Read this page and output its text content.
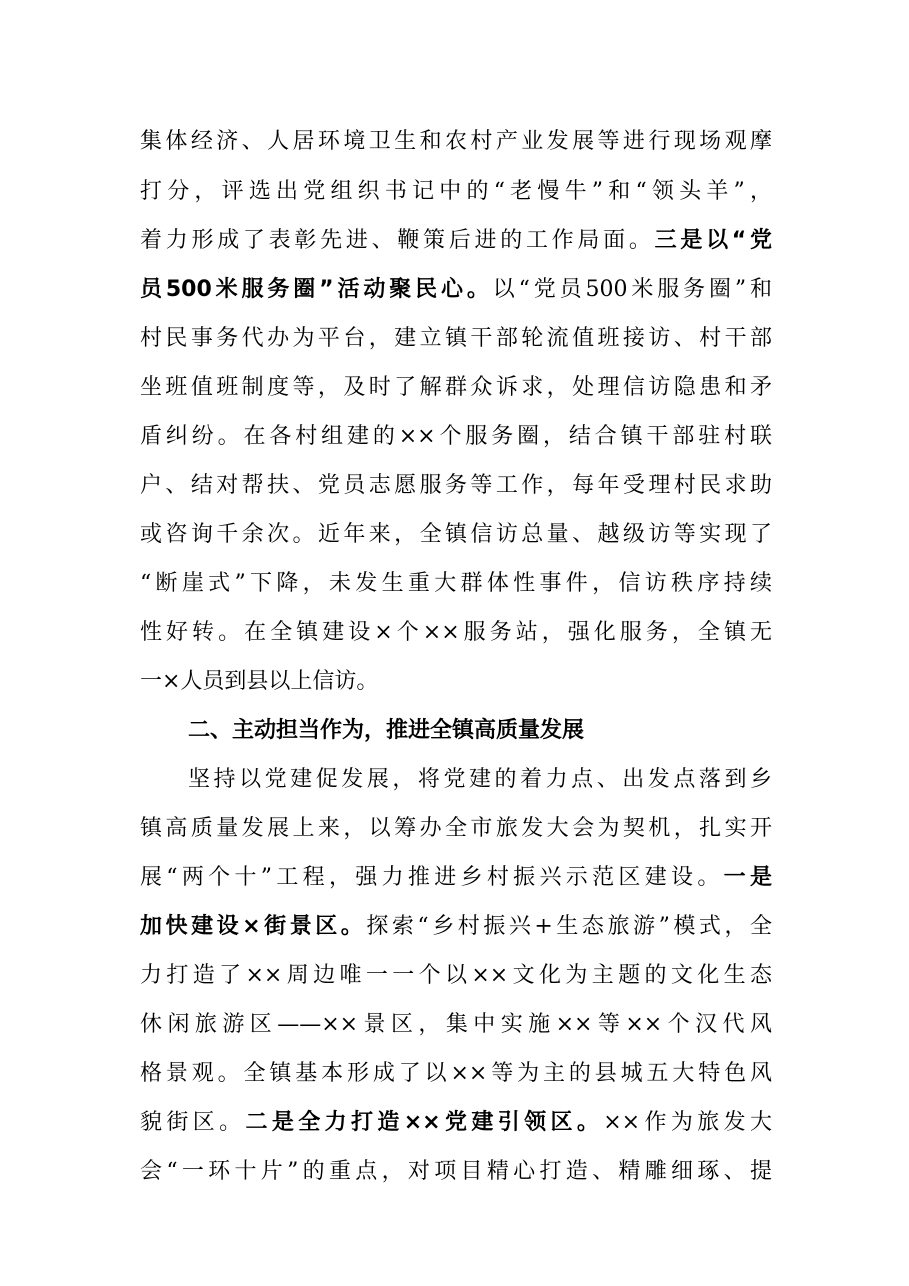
集体经济、人居环境卫生和农村产业发展等进行现场观摩
打分，评选出党组织书记中的“老慢牛”和“领头羊”，
着力形成了表彰先进、鞭策后进的工作局面。三是以“党
员500米服务圈”活动聚民心。以“党员500米服务圈”和
村民事务代办为平台，建立镇干部轮流值班接访、村干部
坐班值班制度等，及时了解群众诉求，处理信访隐患和矛
盾纠纷。在各村组建的××个服务圈，结合镇干部驻村联
户、结对帮扶、党员志愿服务等工作，每年受理村民求助
或咨询千余次。近年来，全镇信访总量、越级访等实现了
“断崖式”下降，未发生重大群体性事件，信访秩序持续
性好转。在全镇建设×个××服务站，强化服务，全镇无
一×人员到县以上信访。
二、主动担当作为，推进全镇高质量发展
坚持以党建促发展，将党建的着力点、出发点落到乡
镇高质量发展上来，以筹办全市旅发大会为契机，扎实开
展“两个十”工程，强力推进乡村振兴示范区建设。一是
加快建设×街景区。探索“乡村振兴+生态旅游”模式，全
力打造了××周边唯一一个以××文化为主题的文化生态
休闲旅游区——××景区，集中实施××等××个汉代风
格景观。全镇基本形成了以××等为主的县城五大特色风
貌街区。二是全力打造××党建引领区。××作为旅发大
会“一环十片”的重点，对项目精心打造、精雕细琢、提
